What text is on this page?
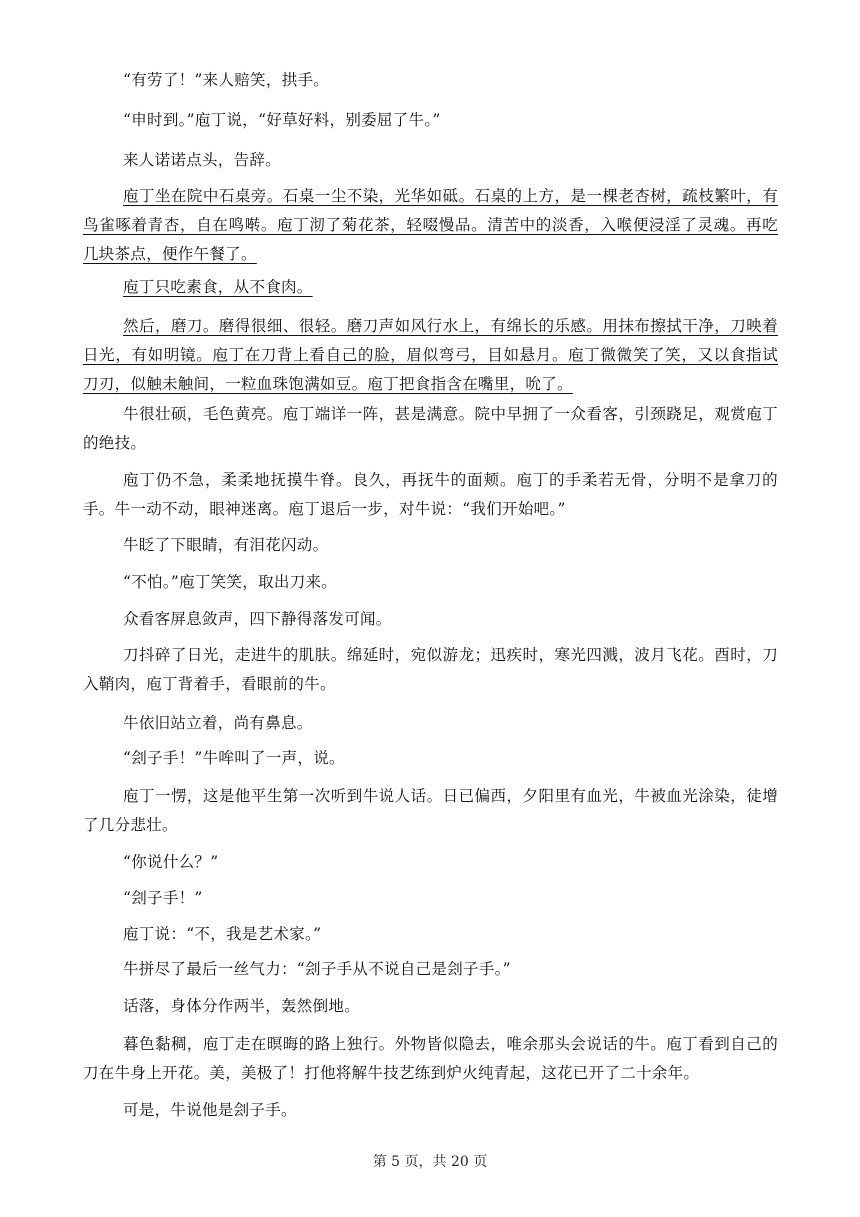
“有劳了！”来人赔笑，拱手。

“申时到。”庖丁说，“好草好料，别委屈了牛。”

来人诺诺点头，告辞。

庖丁坐在院中石桌旁。石桌一尘不染，光华如砥。石桌的上方，是一棵老杏树，疏枝繁叶，有鸟雀啄着青杏，自在鸣啭。庖丁沏了菊花茶，轻啜慢品。清苦中的淡香，入喉便浸淫了灵魂。再吃几块茶点，便作午餐了。

庖丁只吃素食，从不食肉。

然后，磨刀。磨得很细、很轻。磨刀声如风行水上，有绵长的乐感。用抹布擦拭干净，刀映着日光，有如明镜。庖丁在刀背上看自己的脸，眉似弯弓，目如悬月。庖丁微微笑了笑，又以食指试刀刃，似触未触间，一粒血珠饱满如豆。庖丁把食指含在嘴里，吮了。

牛很壮硕，毛色黄亮。庖丁端详一阵，甚是满意。院中早拥了一众看客，引颈跷足，观赏庖丁的绝技。

庖丁仍不急，柔柔地抚摸牛脊。良久，再抚牛的面颊。庖丁的手柔若无骨，分明不是拿刀的手。牛一动不动，眼神迷离。庖丁退后一步，对牛说：“我们开始吧。”

牛眨了下眼睛，有泪花闪动。

“不怕。”庖丁笑笑，取出刀来。

众看客屏息敛声，四下静得落发可闻。

刀抖碎了日光，走进牛的肌肤。绵延时，宛似游龙；迅疾时，寒光四溅，波月飞花。酉时，刀入鞘肉，庖丁背着手，看眼前的牛。

牛依旧站立着，尚有鼻息。

“刽子手！”牛哞叫了一声，说。

庖丁一愣，这是他平生第一次听到牛说人话。日已偏西，夕阳里有血光，牛被血光涂染，徒增了几分悲壮。

“你说什么？”

“刽子手！”

庖丁说：“不，我是艺术家。”

牛拼尽了最后一丝气力：“刽子手从不说自己是刽子手。”

话落，身体分作两半，轰然倒地。

暮色黏稠，庖丁走在暝晦的路上独行。外物皆似隐去，唯余那头会说话的牛。庖丁看到自己的刀在牛身上开花。美，美极了！打他将解牛技艺练到炉火纯青起，这花已开了二十余年。

可是，牛说他是刽子手。

第 5 页，共 20 页
